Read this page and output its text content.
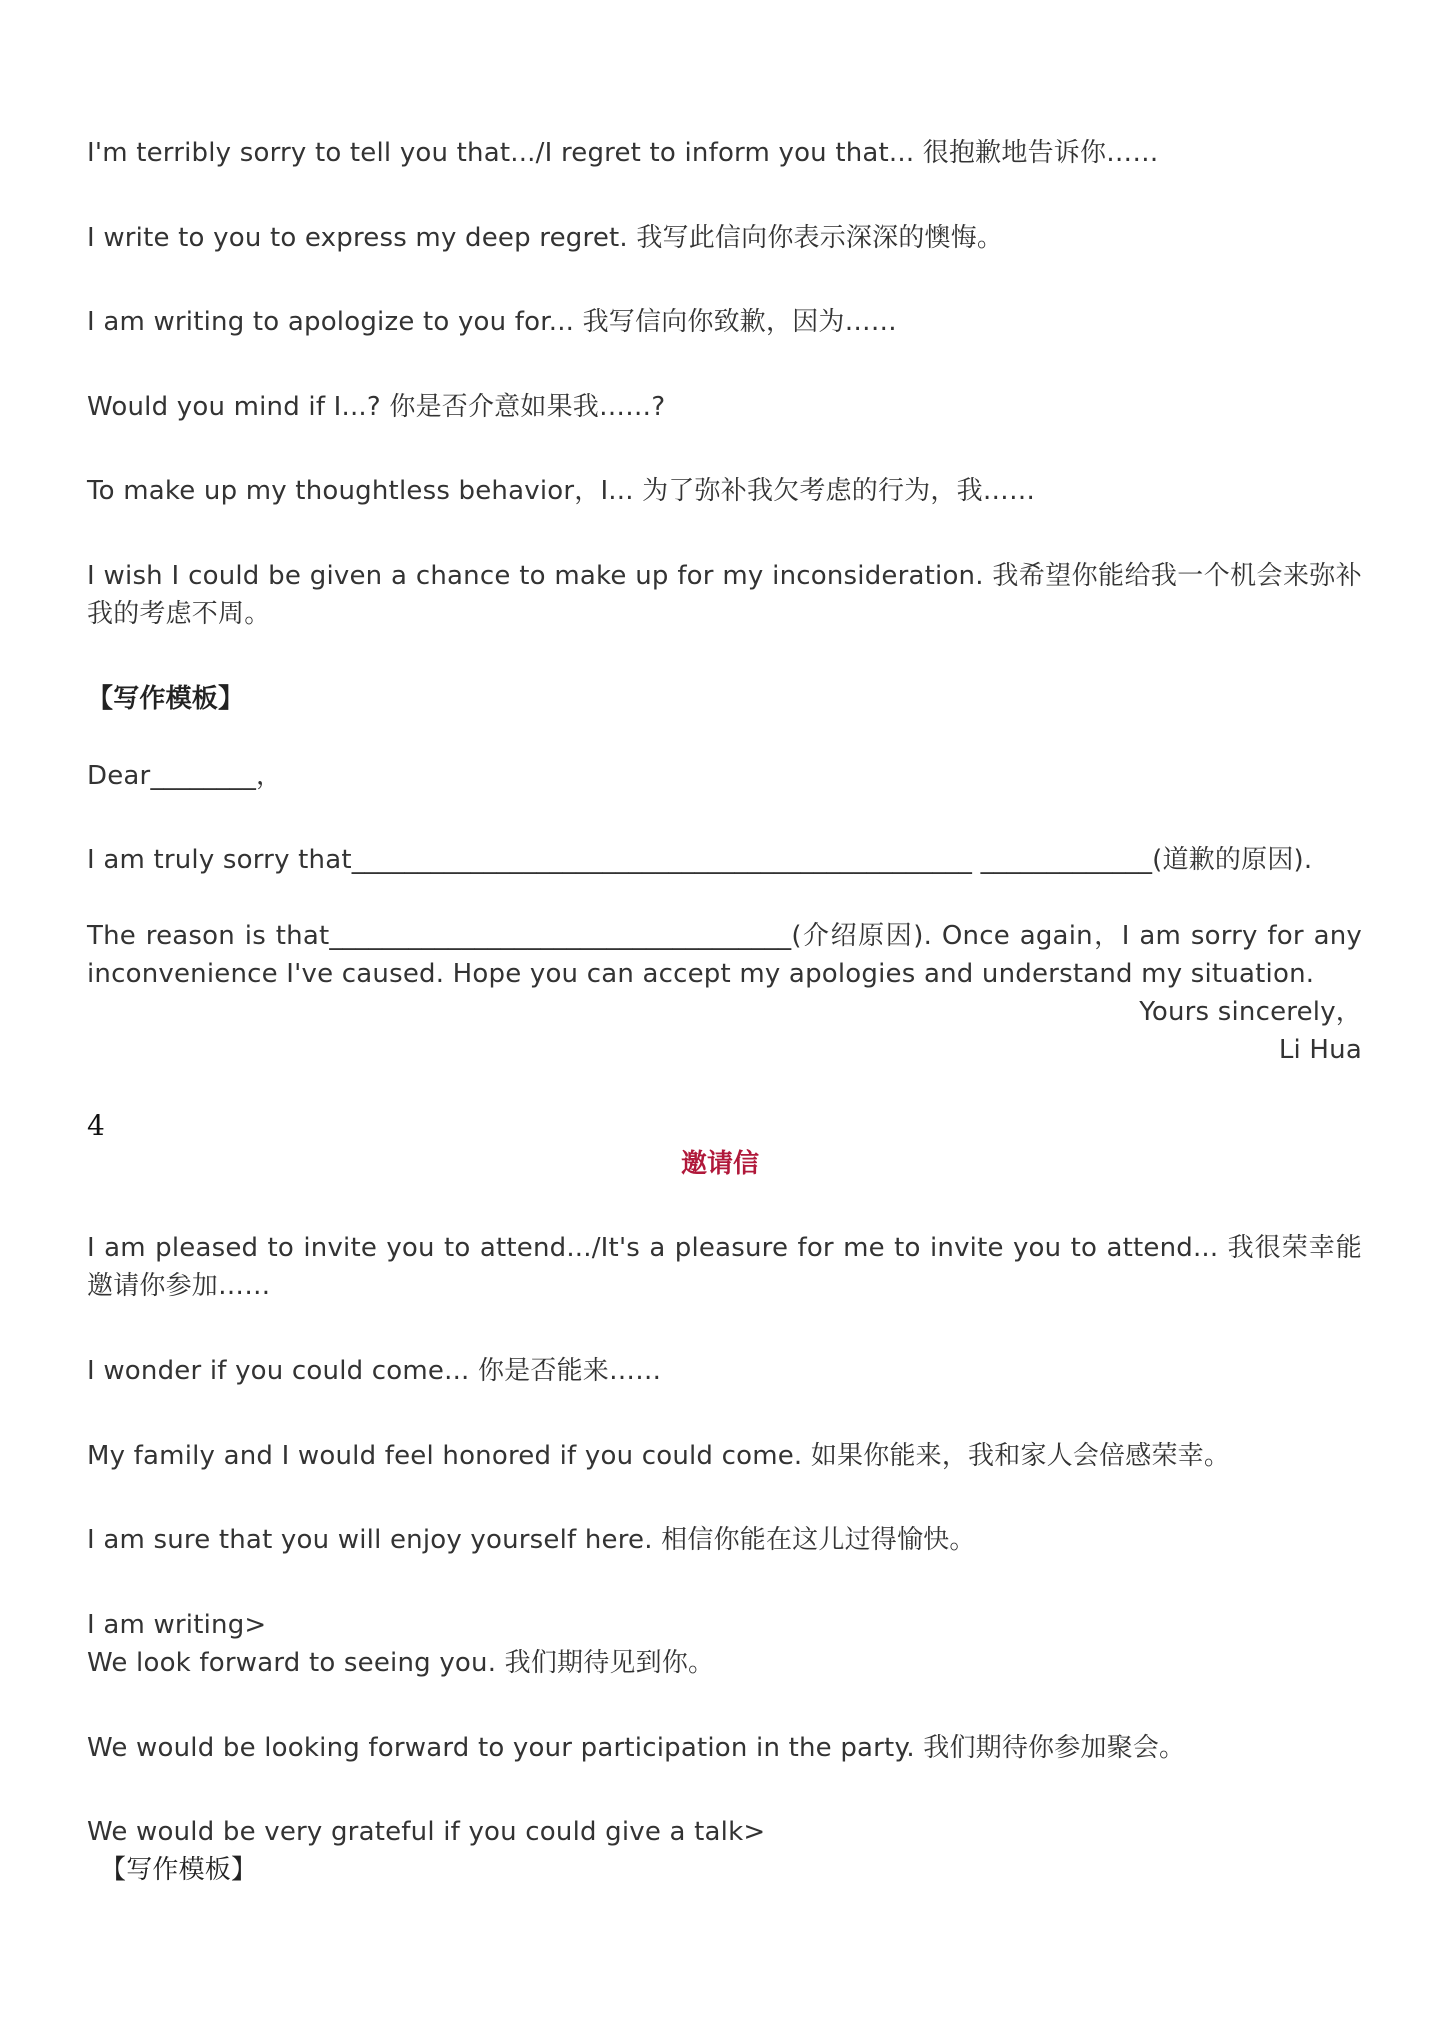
I'm terribly sorry to tell you that.../I regret to inform you that... 很抱歉地告诉你……

I write to you to express my deep regret. 我写此信向你表示深深的懊悔。

I am writing to apologize to you for... 我写信向你致歉，因为……

Would you mind if I...? 你是否介意如果我……?

To make up my thoughtless behavior，I... 为了弥补我欠考虑的行为，我……

I wish I could be given a chance to make up for my inconsideration. 我希望你能给我一个机会来弥补我的考虑不周。

【写作模板】

Dear________，

I am truly sorry that_______________________________________________ _____________(道歉的原因).

The reason is that___________________________________(介绍原因). Once again，I am sorry for any inconvenience I've caused. Hope you can accept my apologies and understand my situation.

Yours sincerely，

Li Hua

4

邀请信

I am pleased to invite you to attend.../It's a pleasure for me to invite you to attend... 我很荣幸能邀请你参加……

I wonder if you could come... 你是否能来……

My family and I would feel honored if you could come. 如果你能来，我和家人会倍感荣幸。

I am sure that you will enjoy yourself here. 相信你能在这儿过得愉快。

I am writing>

We look forward to seeing you. 我们期待见到你。

We would be looking forward to your participation in the party. 我们期待你参加聚会。

We would be very grateful if you could give a talk>

【写作模板】
